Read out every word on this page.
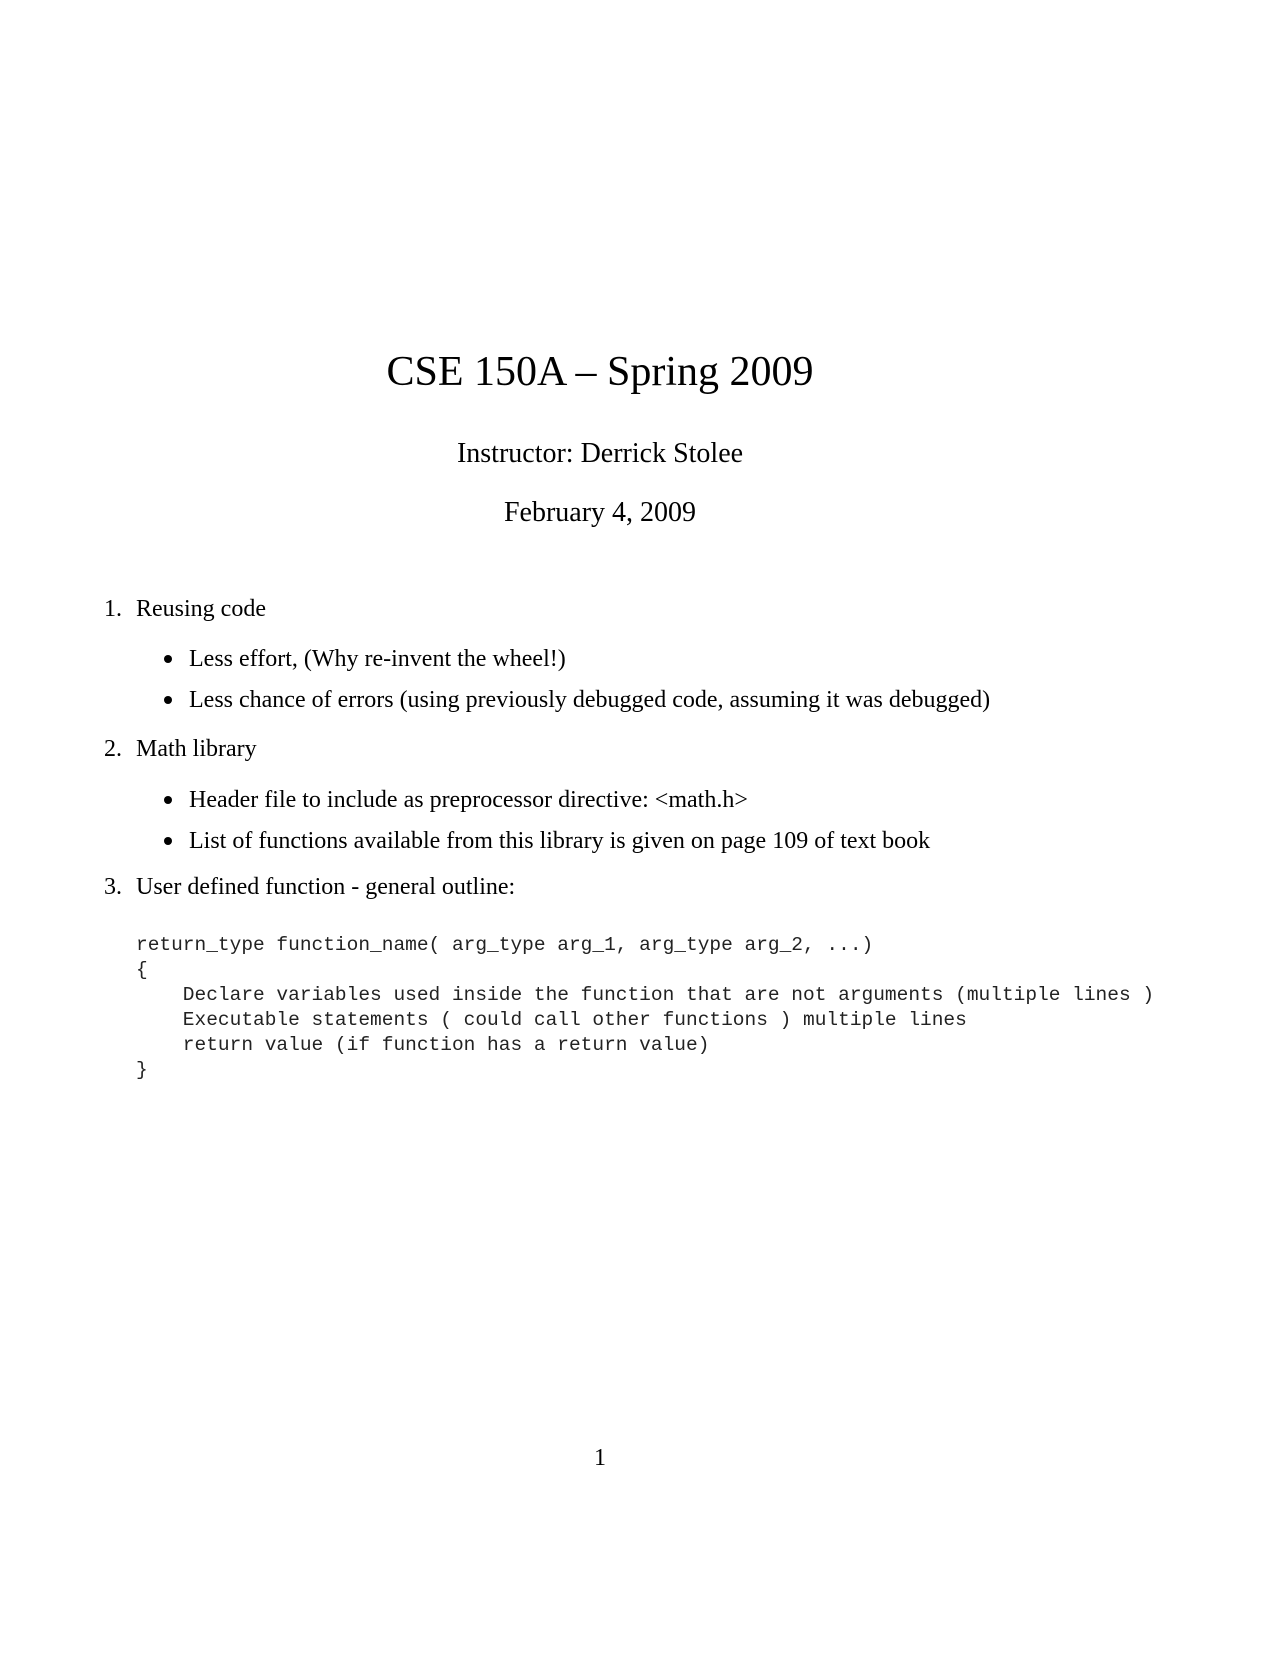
CSE 150A – Spring 2009
Instructor: Derrick Stolee
February 4, 2009
1. Reusing code
Less effort, (Why re-invent the wheel!)
Less chance of errors (using previously debugged code, assuming it was debugged)
2. Math library
Header file to include as preprocessor directive: <math.h>
List of functions available from this library is given on page 109 of text book
3. User defined function - general outline:
return_type function_name( arg_type arg_1, arg_type arg_2, ...)
{
Declare variables used inside the function that are not arguments (multiple lines )
Executable statements ( could call other functions ) multiple lines
return value (if function has a return value)
}
1
